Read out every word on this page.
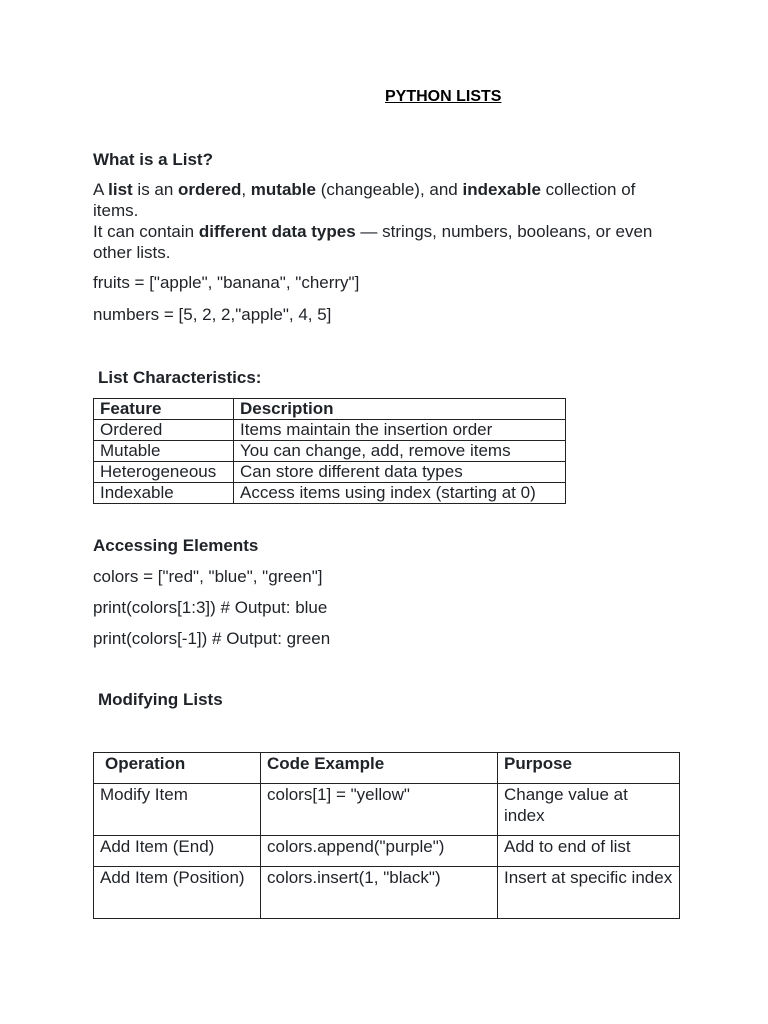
PYTHON LISTS
What is a List?
A list is an ordered, mutable (changeable), and indexable collection of items.
It can contain different data types — strings, numbers, booleans, or even other lists.
fruits = ["apple", "banana", "cherry"]
numbers = [5, 2, 2,"apple", 4, 5]
List Characteristics:
Feature	Description
Ordered	Items maintain the insertion order
Mutable	You can change, add, remove items
Heterogeneous	Can store different data types
Indexable	Access items using index (starting at 0)
Accessing Elements
colors = ["red", "blue", "green"]
print(colors[1:3]) # Output: blue
print(colors[-1]) # Output: green
Modifying Lists
Operation	Code Example	Purpose
Modify Item	colors[1] = "yellow"	Change value at index
Add Item (End)	colors.append("purple")	Add to end of list
Add Item (Position)	colors.insert(1, "black")	Insert at specific index
